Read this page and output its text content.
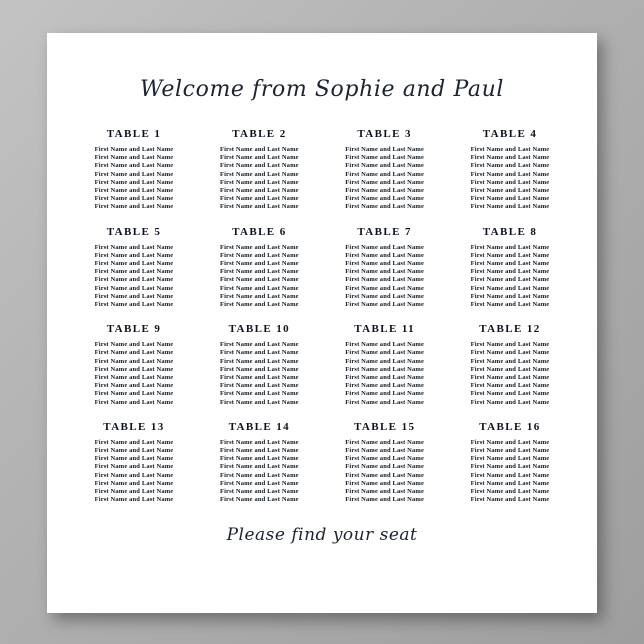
Welcome from Sophie and Paul
TABLE 1
First Name and Last Name
First Name and Last Name
First Name and Last Name
First Name and Last Name
First Name and Last Name
First Name and Last Name
First Name and Last Name
First Name and Last Name
TABLE 2
First Name and Last Name
First Name and Last Name
First Name and Last Name
First Name and Last Name
First Name and Last Name
First Name and Last Name
First Name and Last Name
First Name and Last Name
TABLE 3
First Name and Last Name
First Name and Last Name
First Name and Last Name
First Name and Last Name
First Name and Last Name
First Name and Last Name
First Name and Last Name
First Name and Last Name
TABLE 4
First Name and Last Name
First Name and Last Name
First Name and Last Name
First Name and Last Name
First Name and Last Name
First Name and Last Name
First Name and Last Name
First Name and Last Name
TABLE 5
First Name and Last Name
First Name and Last Name
First Name and Last Name
First Name and Last Name
First Name and Last Name
First Name and Last Name
First Name and Last Name
First Name and Last Name
TABLE 6
First Name and Last Name
First Name and Last Name
First Name and Last Name
First Name and Last Name
First Name and Last Name
First Name and Last Name
First Name and Last Name
First Name and Last Name
TABLE 7
First Name and Last Name
First Name and Last Name
First Name and Last Name
First Name and Last Name
First Name and Last Name
First Name and Last Name
First Name and Last Name
First Name and Last Name
TABLE 8
First Name and Last Name
First Name and Last Name
First Name and Last Name
First Name and Last Name
First Name and Last Name
First Name and Last Name
First Name and Last Name
First Name and Last Name
TABLE 9
First Name and Last Name
First Name and Last Name
First Name and Last Name
First Name and Last Name
First Name and Last Name
First Name and Last Name
First Name and Last Name
First Name and Last Name
TABLE 10
First Name and Last Name
First Name and Last Name
First Name and Last Name
First Name and Last Name
First Name and Last Name
First Name and Last Name
First Name and Last Name
First Name and Last Name
TABLE 11
First Name and Last Name
First Name and Last Name
First Name and Last Name
First Name and Last Name
First Name and Last Name
First Name and Last Name
First Name and Last Name
First Name and Last Name
TABLE 12
First Name and Last Name
First Name and Last Name
First Name and Last Name
First Name and Last Name
First Name and Last Name
First Name and Last Name
First Name and Last Name
First Name and Last Name
TABLE 13
First Name and Last Name
First Name and Last Name
First Name and Last Name
First Name and Last Name
First Name and Last Name
First Name and Last Name
First Name and Last Name
First Name and Last Name
TABLE 14
First Name and Last Name
First Name and Last Name
First Name and Last Name
First Name and Last Name
First Name and Last Name
First Name and Last Name
First Name and Last Name
First Name and Last Name
TABLE 15
First Name and Last Name
First Name and Last Name
First Name and Last Name
First Name and Last Name
First Name and Last Name
First Name and Last Name
First Name and Last Name
First Name and Last Name
TABLE 16
First Name and Last Name
First Name and Last Name
First Name and Last Name
First Name and Last Name
First Name and Last Name
First Name and Last Name
First Name and Last Name
First Name and Last Name
Please find your seat
